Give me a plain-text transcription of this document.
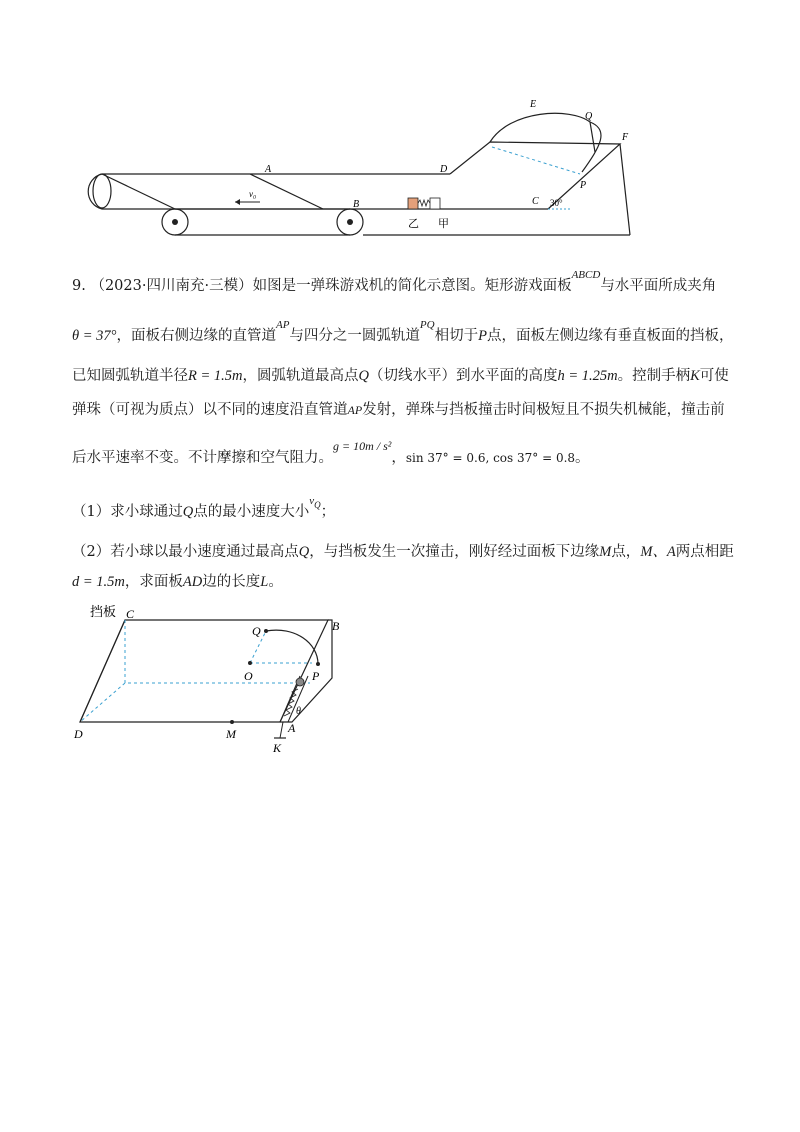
v₀
A
B	C
D
E
F
P
Q
30°
乙 甲
9. （2023·四川南充·三模）如图是一弹珠游戏机的简化示意图。矩形游戏面板$^{ABCD}$与水平面所成夹角
θ = 37°，面板右侧边缘的直管道$^{AP}$与四分之一圆弧轨道$^{PQ}$相切于P点，面板左侧边缘有垂直板面的挡板，
已知圆弧轨道半径R = 1.5m，圆弧轨道最高点Q（切线水平）到水平面的高度h = 1.25m。控制手柄K可使
弹珠（可视为质点）以不同的速度沿直管道AP发射，弹珠与挡板撞击时间极短且不损失机械能，撞击前
后水平速率不变。不计摩擦和空气阻力。$^{g = 10m / s^2}$，sin 37° = 0.6, cos 37° = 0.8。
（1）求小球通过Q点的最小速度大小$^{v_Q}$；
（2）若小球以最小速度通过最高点Q，与挡板发生一次撞击，刚好经过面板下边缘M点，M、A两点相距
d = 1.5m，求面板AD边的长度L。
挡板 C
B
Q
O	P
D	M	A
K
θ
